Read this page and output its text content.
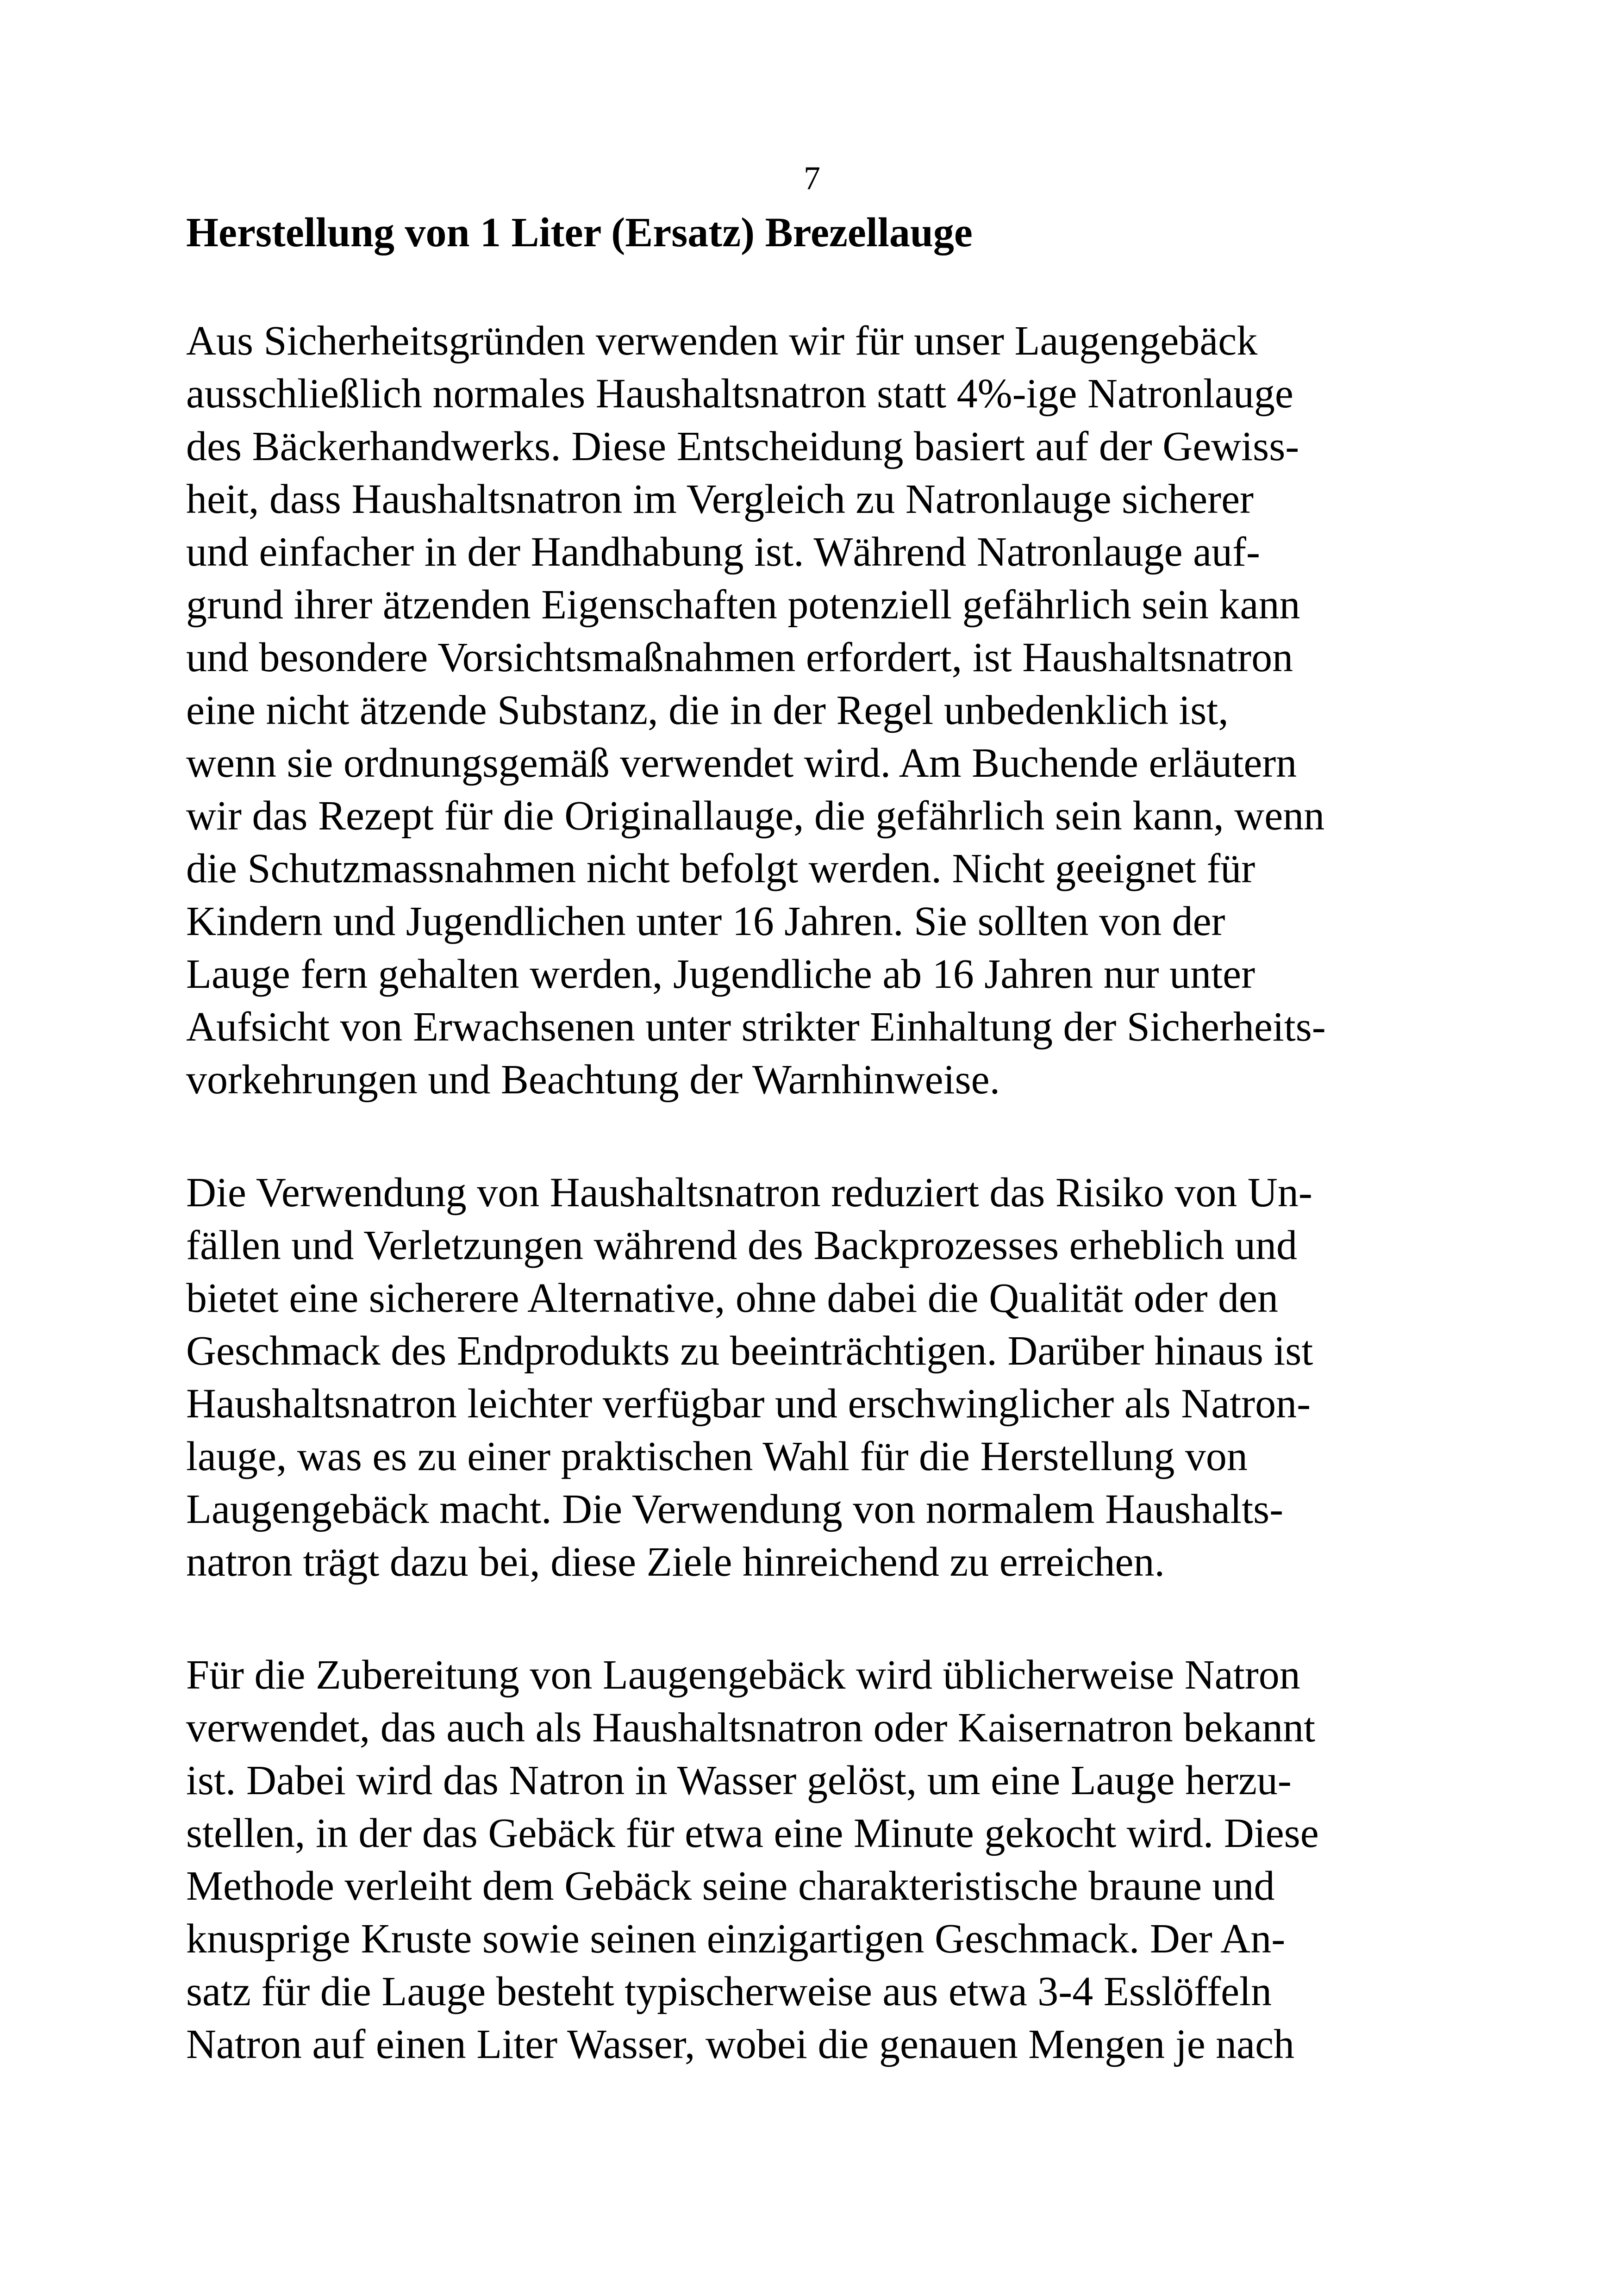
7
Herstellung von 1 Liter (Ersatz) Brezellauge
Aus Sicherheitsgründen verwenden wir für unser Laugengebäck
ausschließlich normales Haushaltsnatron statt 4%-ige Natronlauge
des Bäckerhandwerks. Diese Entscheidung basiert auf der Gewiss-
heit, dass Haushaltsnatron im Vergleich zu Natronlauge sicherer
und einfacher in der Handhabung ist. Während Natronlauge auf-
grund ihrer ätzenden Eigenschaften potenziell gefährlich sein kann
und besondere Vorsichtsmaßnahmen erfordert, ist Haushaltsnatron
eine nicht ätzende Substanz, die in der Regel unbedenklich ist,
wenn sie ordnungsgemäß verwendet wird. Am Buchende erläutern
wir das Rezept für die Originallauge, die gefährlich sein kann, wenn
die Schutzmassnahmen nicht befolgt werden. Nicht geeignet für
Kindern und Jugendlichen unter 16 Jahren. Sie sollten von der
Lauge fern gehalten werden, Jugendliche ab 16 Jahren nur unter
Aufsicht von Erwachsenen unter strikter Einhaltung der Sicherheits-
vorkehrungen und Beachtung der Warnhinweise.
Die Verwendung von Haushaltsnatron reduziert das Risiko von Un-
fällen und Verletzungen während des Backprozesses erheblich und
bietet eine sicherere Alternative, ohne dabei die Qualität oder den
Geschmack des Endprodukts zu beeinträchtigen. Darüber hinaus ist
Haushaltsnatron leichter verfügbar und erschwinglicher als Natron-
lauge, was es zu einer praktischen Wahl für die Herstellung von
Laugengebäck macht. Die Verwendung von normalem Haushalts-
natron trägt dazu bei, diese Ziele hinreichend zu erreichen.
Für die Zubereitung von Laugengebäck wird üblicherweise Natron
verwendet, das auch als Haushaltsnatron oder Kaisernatron bekannt
ist. Dabei wird das Natron in Wasser gelöst, um eine Lauge herzu-
stellen, in der das Gebäck für etwa eine Minute gekocht wird. Diese
Methode verleiht dem Gebäck seine charakteristische braune und
knusprige Kruste sowie seinen einzigartigen Geschmack. Der An-
satz für die Lauge besteht typischerweise aus etwa 3-4 Esslöffeln
Natron auf einen Liter Wasser, wobei die genauen Mengen je nach
